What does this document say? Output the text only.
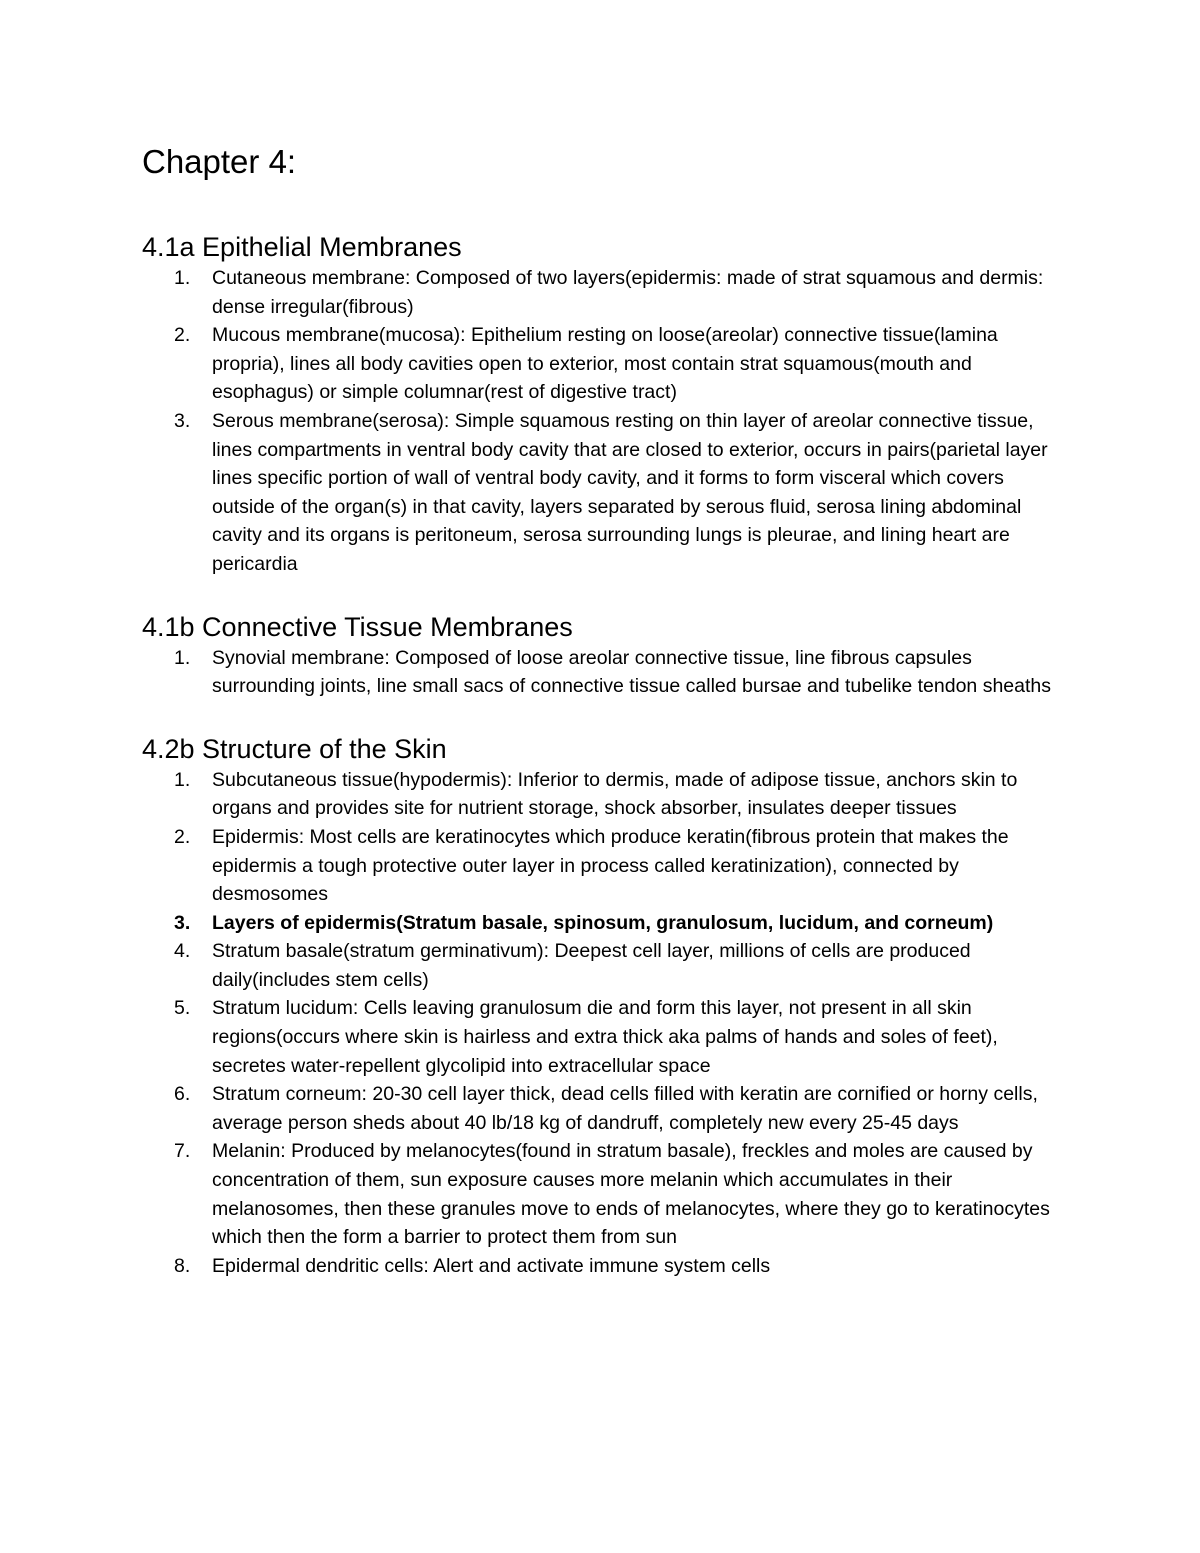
Chapter 4:
4.1a Epithelial Membranes
1. Cutaneous membrane: Composed of two layers(epidermis: made of strat squamous and dermis: dense irregular(fibrous)
2. Mucous membrane(mucosa): Epithelium resting on loose(areolar) connective tissue(lamina propria), lines all body cavities open to exterior, most contain strat squamous(mouth and esophagus) or simple columnar(rest of digestive tract)
3. Serous membrane(serosa): Simple squamous resting on thin layer of areolar connective tissue, lines compartments in ventral body cavity that are closed to exterior, occurs in pairs(parietal layer lines specific portion of wall of ventral body cavity, and it forms to form visceral which covers outside of the organ(s) in that cavity, layers separated by serous fluid, serosa lining abdominal cavity and its organs is peritoneum, serosa surrounding lungs is pleurae, and lining heart are pericardia
4.1b Connective Tissue Membranes
1. Synovial membrane: Composed of loose areolar connective tissue, line fibrous capsules surrounding joints, line small sacs of connective tissue called bursae and tubelike tendon sheaths
4.2b Structure of the Skin
1. Subcutaneous tissue(hypodermis): Inferior to dermis, made of adipose tissue, anchors skin to organs and provides site for nutrient storage, shock absorber, insulates deeper tissues
2. Epidermis: Most cells are keratinocytes which produce keratin(fibrous protein that makes the epidermis a tough protective outer layer in process called keratinization), connected by desmosomes
3. Layers of epidermis(Stratum basale, spinosum, granulosum, lucidum, and corneum)
4. Stratum basale(stratum germinativum): Deepest cell layer, millions of cells are produced daily(includes stem cells)
5. Stratum lucidum: Cells leaving granulosum die and form this layer, not present in all skin regions(occurs where skin is hairless and extra thick aka palms of hands and soles of feet), secretes water-repellent glycolipid into extracellular space
6. Stratum corneum: 20-30 cell layer thick, dead cells filled with keratin are cornified or horny cells, average person sheds about 40 lb/18 kg of dandruff, completely new every 25-45 days
7. Melanin: Produced by melanocytes(found in stratum basale), freckles and moles are caused by concentration of them, sun exposure causes more melanin which accumulates in their melanosomes, then these granules move to ends of melanocytes, where they go to keratinocytes which then the form a barrier to protect them from sun
8. Epidermal dendritic cells: Alert and activate immune system cells
